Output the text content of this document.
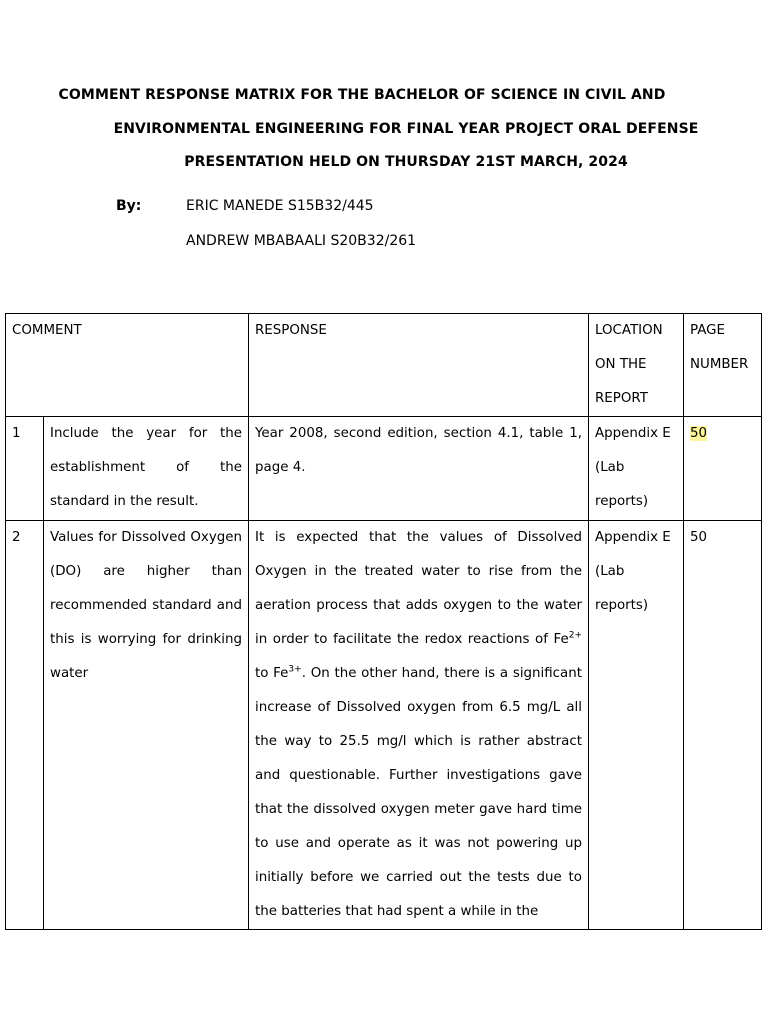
COMMENT RESPONSE MATRIX FOR THE BACHELOR OF SCIENCE IN CIVIL AND
ENVIRONMENTAL ENGINEERING FOR FINAL YEAR PROJECT ORAL DEFENSE
PRESENTATION HELD ON THURSDAY 21ST MARCH, 2024
By:	ERIC MANEDE S15B32/445
ANDREW MBABAALI S20B32/261
COMMENT		RESPONSE	LOCATION ON THE REPORT	PAGE NUMBER
1	Include the year for the establishment of the standard in the result.	Year 2008, second edition, section 4.1, table 1, page 4.	Appendix E (Lab reports)	50
2	Values for Dissolved Oxygen (DO) are higher than recommended standard and this is worrying for drinking water	It is expected that the values of Dissolved Oxygen in the treated water to rise from the aeration process that adds oxygen to the water in order to facilitate the redox reactions of $Fe^{2+}$ to $Fe^{3+}$. On the other hand, there is a significant increase of Dissolved oxygen from 6.5 mg/L all the way to 25.5 mg/l which is rather abstract and questionable. Further investigations gave that the dissolved oxygen meter gave hard time to use and operate as it was not powering up initially before we carried out the tests due to the batteries that had spent a while in the	Appendix E (Lab reports)	50
